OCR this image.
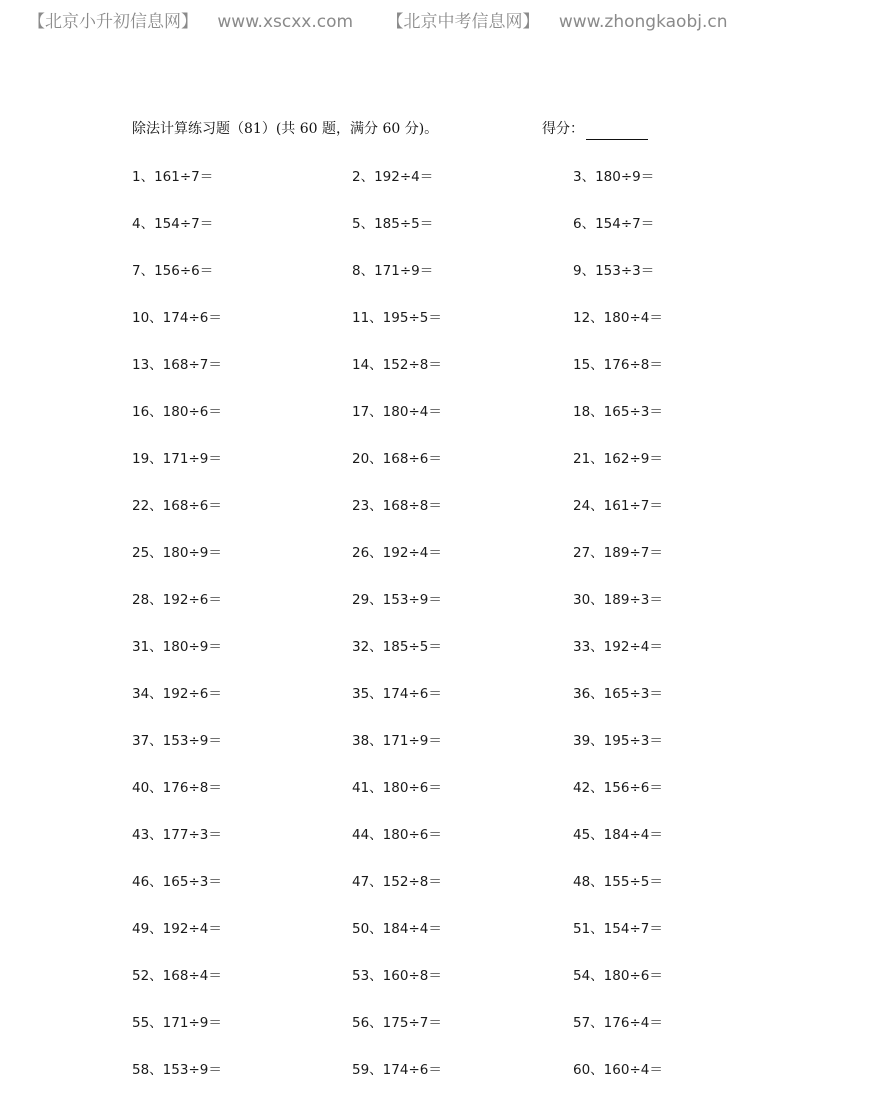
【北京小升初信息网】 www.xscxx.com 【北京中考信息网】 www.zhongkaobj.cn
除法计算练习题（81）(共 60 题，满分 60 分)。	得分：
1、161÷7＝	2、192÷4＝	3、180÷9＝
4、154÷7＝	5、185÷5＝	6、154÷7＝
7、156÷6＝	8、171÷9＝	9、153÷3＝
10、174÷6＝	11、195÷5＝	12、180÷4＝
13、168÷7＝	14、152÷8＝	15、176÷8＝
16、180÷6＝	17、180÷4＝	18、165÷3＝
19、171÷9＝	20、168÷6＝	21、162÷9＝
22、168÷6＝	23、168÷8＝	24、161÷7＝
25、180÷9＝	26、192÷4＝	27、189÷7＝
28、192÷6＝	29、153÷9＝	30、189÷3＝
31、180÷9＝	32、185÷5＝	33、192÷4＝
34、192÷6＝	35、174÷6＝	36、165÷3＝
37、153÷9＝	38、171÷9＝	39、195÷3＝
40、176÷8＝	41、180÷6＝	42、156÷6＝
43、177÷3＝	44、180÷6＝	45、184÷4＝
46、165÷3＝	47、152÷8＝	48、155÷5＝
49、192÷4＝	50、184÷4＝	51、154÷7＝
52、168÷4＝	53、160÷8＝	54、180÷6＝
55、171÷9＝	56、175÷7＝	57、176÷4＝
58、153÷9＝	59、174÷6＝	60、160÷4＝
